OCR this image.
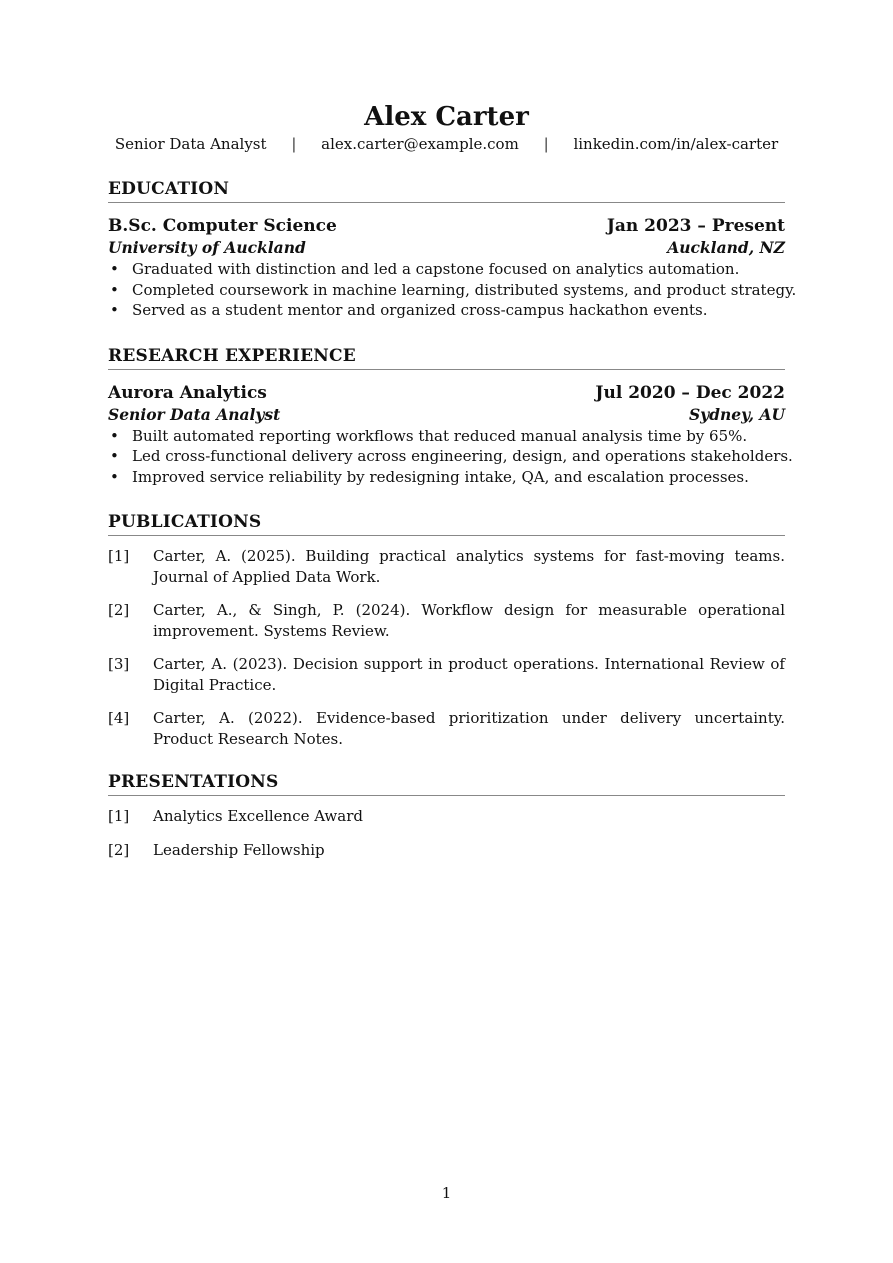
Alex Carter
Senior Data Analyst | alex.carter@example.com | linkedin.com/in/alex-carter
EDUCATION
B.Sc. Computer Science	Jan 2023 – Present
University of Auckland	Auckland, NZ
• Graduated with distinction and led a capstone focused on analytics automation.
• Completed coursework in machine learning, distributed systems, and product strategy.
• Served as a student mentor and organized cross-campus hackathon events.
RESEARCH EXPERIENCE
Aurora Analytics	Jul 2020 – Dec 2022
Senior Data Analyst	Sydney, AU
• Built automated reporting workflows that reduced manual analysis time by 65%.
• Led cross-functional delivery across engineering, design, and operations stakeholders.
• Improved service reliability by redesigning intake, QA, and escalation processes.
PUBLICATIONS
[1]	Carter, A. (2025). Building practical analytics systems for fast-moving teams. Journal of Applied Data Work.
[2]	Carter, A., & Singh, P. (2024). Workflow design for measurable operational improvement. Systems Review.
[3]	Carter, A. (2023). Decision support in product operations. International Review of Digital Practice.
[4]	Carter, A. (2022). Evidence-based prioritization under delivery uncertainty. Product Research Notes.
PRESENTATIONS
[1]	Analytics Excellence Award
[2]	Leadership Fellowship
1
